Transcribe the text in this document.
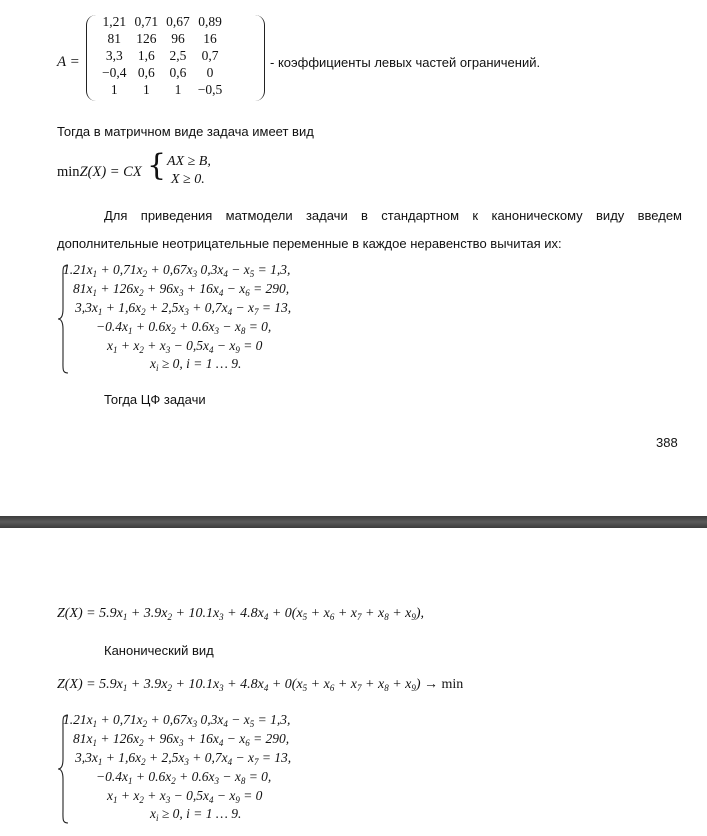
A =
1,21	0,71	0,67	0,89
81	126	96	16
3,3	1,6	2,5	0,7
−0,4	0,6	0,6	0
1	1	1	−0,5
- коэффициенты левых частей ограничений.
Тогда в матричном виде задача имеет вид
minZ(X) = CX { AX ≥ B,
X ≥ 0.
Для приведения матмодели задачи в стандартном к каноническому виду введем
дополнительные неотрицательные переменные в каждое неравенство вычитая их:
$1.21x_1 + 0,71x_2 + 0,67x_3$ $0,3x_4 - x_5 = 1,3$,
$81x_1 + 126x_2 + 96x_3 + 16x_4 - x_6 = 290$,
$3,3x_1 + 1,6x_2 + 2,5x_3 + 0,7x_4 - x_7 = 13$,
$-0.4x_1 + 0.6x_2 + 0.6x_3 - x_8 = 0$,
$x_1 + x_2 + x_3 - 0,5x_4 - x_9 = 0$
$x_i \ge 0$, i = 1 … 9.
Тогда ЦФ задачи
388
$Z(X) = 5.9x_1 + 3.9x_2 + 10.1x_3 + 4.8x_4 + 0(x_5 + x_6 + x_7 + x_8 + x_9)$,
Канонический вид
$Z(X) = 5.9x_1 + 3.9x_2 + 10.1x_3 + 4.8x_4 + 0(x_5 + x_6 + x_7 + x_8 + x_9) \to \min$
$1.21x_1 + 0,71x_2 + 0,67x_3$ $0,3x_4 - x_5 = 1,3$,
$81x_1 + 126x_2 + 96x_3 + 16x_4 - x_6 = 290$,
$3,3x_1 + 1,6x_2 + 2,5x_3 + 0,7x_4 - x_7 = 13$,
$-0.4x_1 + 0.6x_2 + 0.6x_3 - x_8 = 0$,
$x_1 + x_2 + x_3 - 0,5x_4 - x_9 = 0$
$x_i \ge 0$, i = 1 … 9.
